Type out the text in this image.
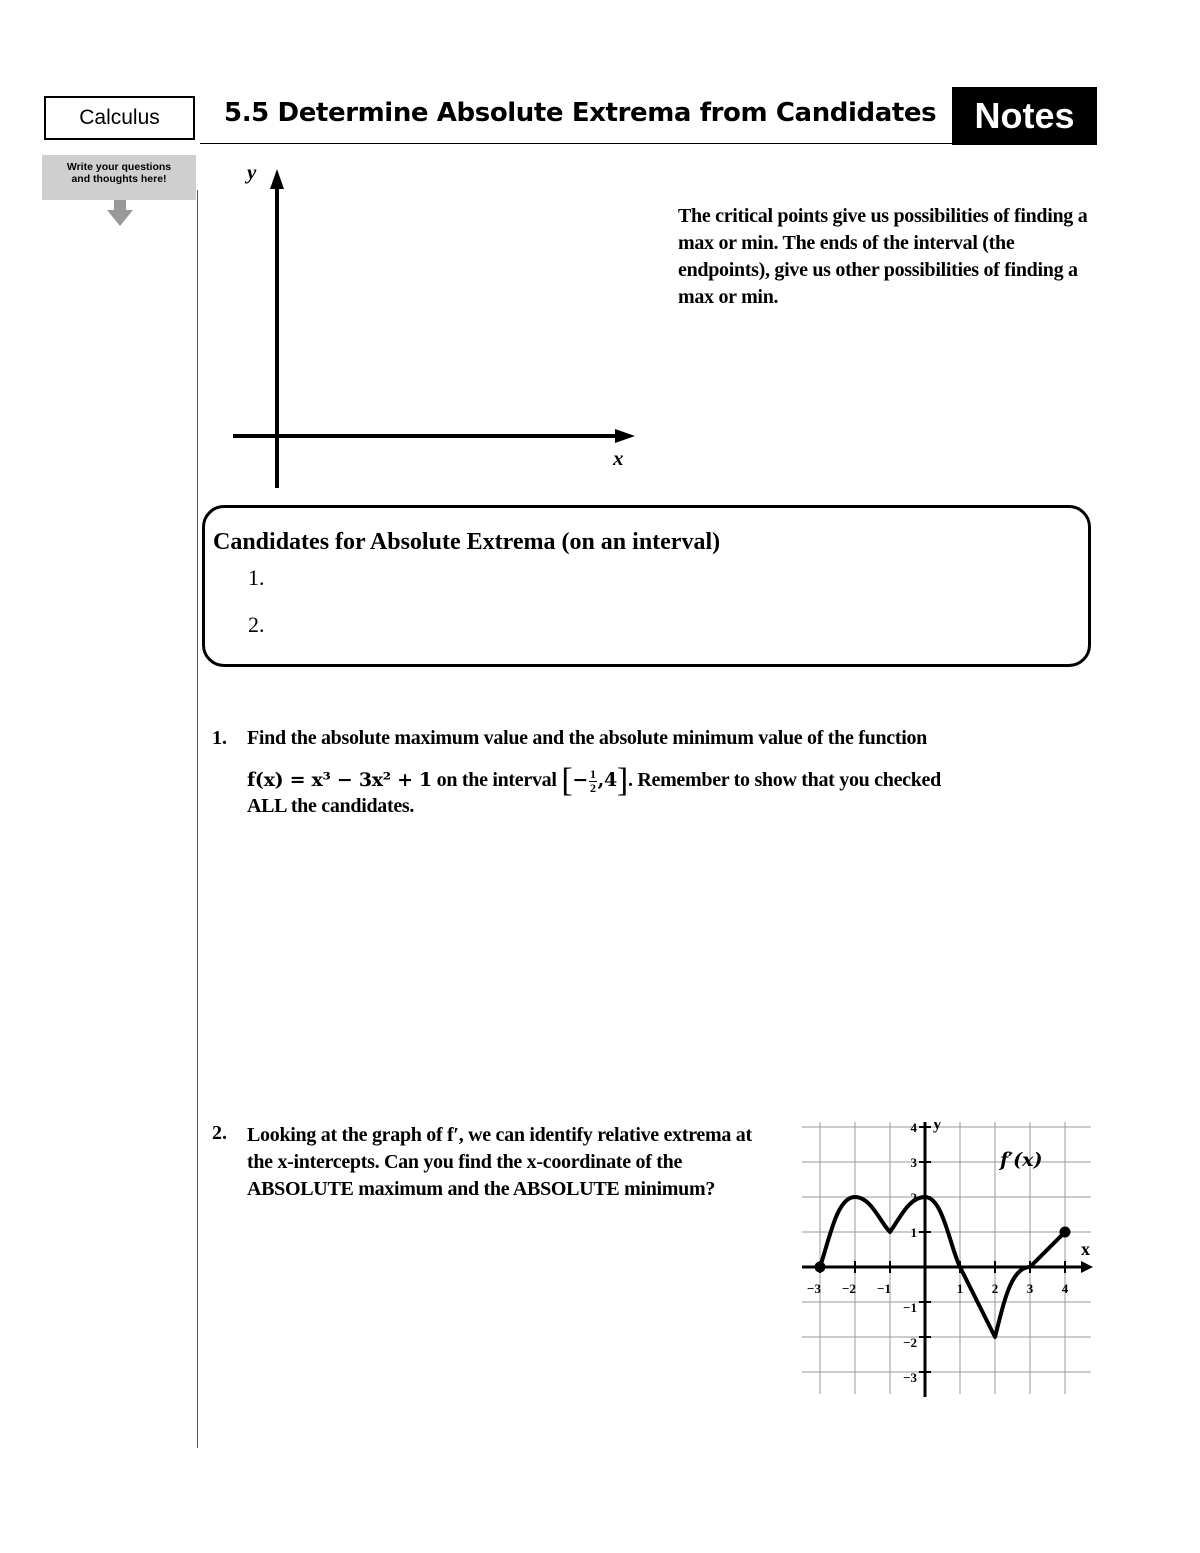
Calculus	5.5 Determine Absolute Extrema from Candidates	Notes
Write your questions
and thoughts here!	y
x
The critical points give us possibilities of finding a max or min. The ends of the interval (the endpoints), give us other possibilities of finding a max or min.
Candidates for Absolute Extrema (on an interval)
1.
2.
1. Find the absolute maximum value and the absolute minimum value of the function
f(x) = x³ − 3x² + 1 on the interval [− $\frac{1}{2} ,4$]. Remember to show that you checked
ALL the candidates.
2. Looking at the graph of f′, we can identify relative extrema at the x-intercepts. Can you find the x-coordinate of the ABSOLUTE maximum and the ABSOLUTE minimum?
x
y
−3 −2 −1	1 2 3 4
−3
−2
−1
1
2
3
4
f′(x)
